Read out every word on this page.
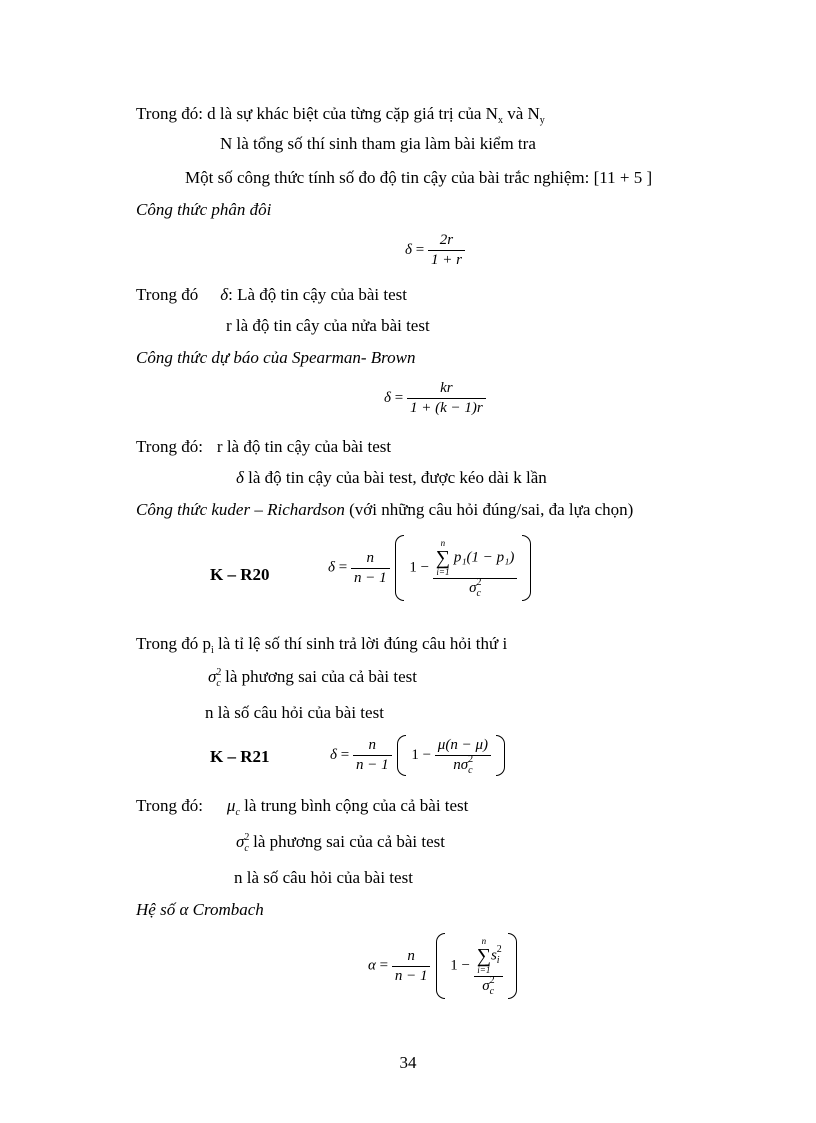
Trong đó: d là sự khác biệt của từng cặp giá trị của $N_x$ và $N_y$
N là tổng số thí sinh tham gia làm bài kiểm tra
Một số công thức tính số đo độ tin cậy của bài trắc nghiệm: [11 + 5 ]
Công thức phân đôi
$\delta = \frac{2r}{1 + r}$
Trong đó δ: Là độ tin cậy của bài test
r là độ tin cây của nửa bài test
Công thức dự báo của Spearman- Brown
$\delta = \frac{kr}{1 + (k - 1)r}$
Trong đó: r là độ tin cậy của bài test
δ là độ tin cậy của bài test, được kéo dài k lần
Công thức kuder – Richardson (với những câu hỏi đúng/sai, đa lựa chọn)
K – R20	$\delta = \frac{n}{n - 1} 1$ −
n
∑
i=1 p₁(1 − p₁)
$\sigma^2_c$
Trong đó $p_i$ là tỉ lệ số thí sinh trả lời đúng câu hỏi thứ i
$\sigma^2_c$ là phương sai của cả bài test
n là số câu hỏi của bài test
K – R21	$\delta = \frac{n}{n - 1} 1 - \frac{\mu(n - \mu)}{n\sigma^2_c}$
Trong đó: $\mu_c$ là trung bình cộng của cả bài test
$\sigma^2_c$ là phương sai của cả bài test
n là số câu hỏi của bài test
Hệ số α Crombach
$\alpha = \frac{n}{n - 1} 1$ −
n
∑
$i=1s^2_i$
$\sigma^2_c$
34
